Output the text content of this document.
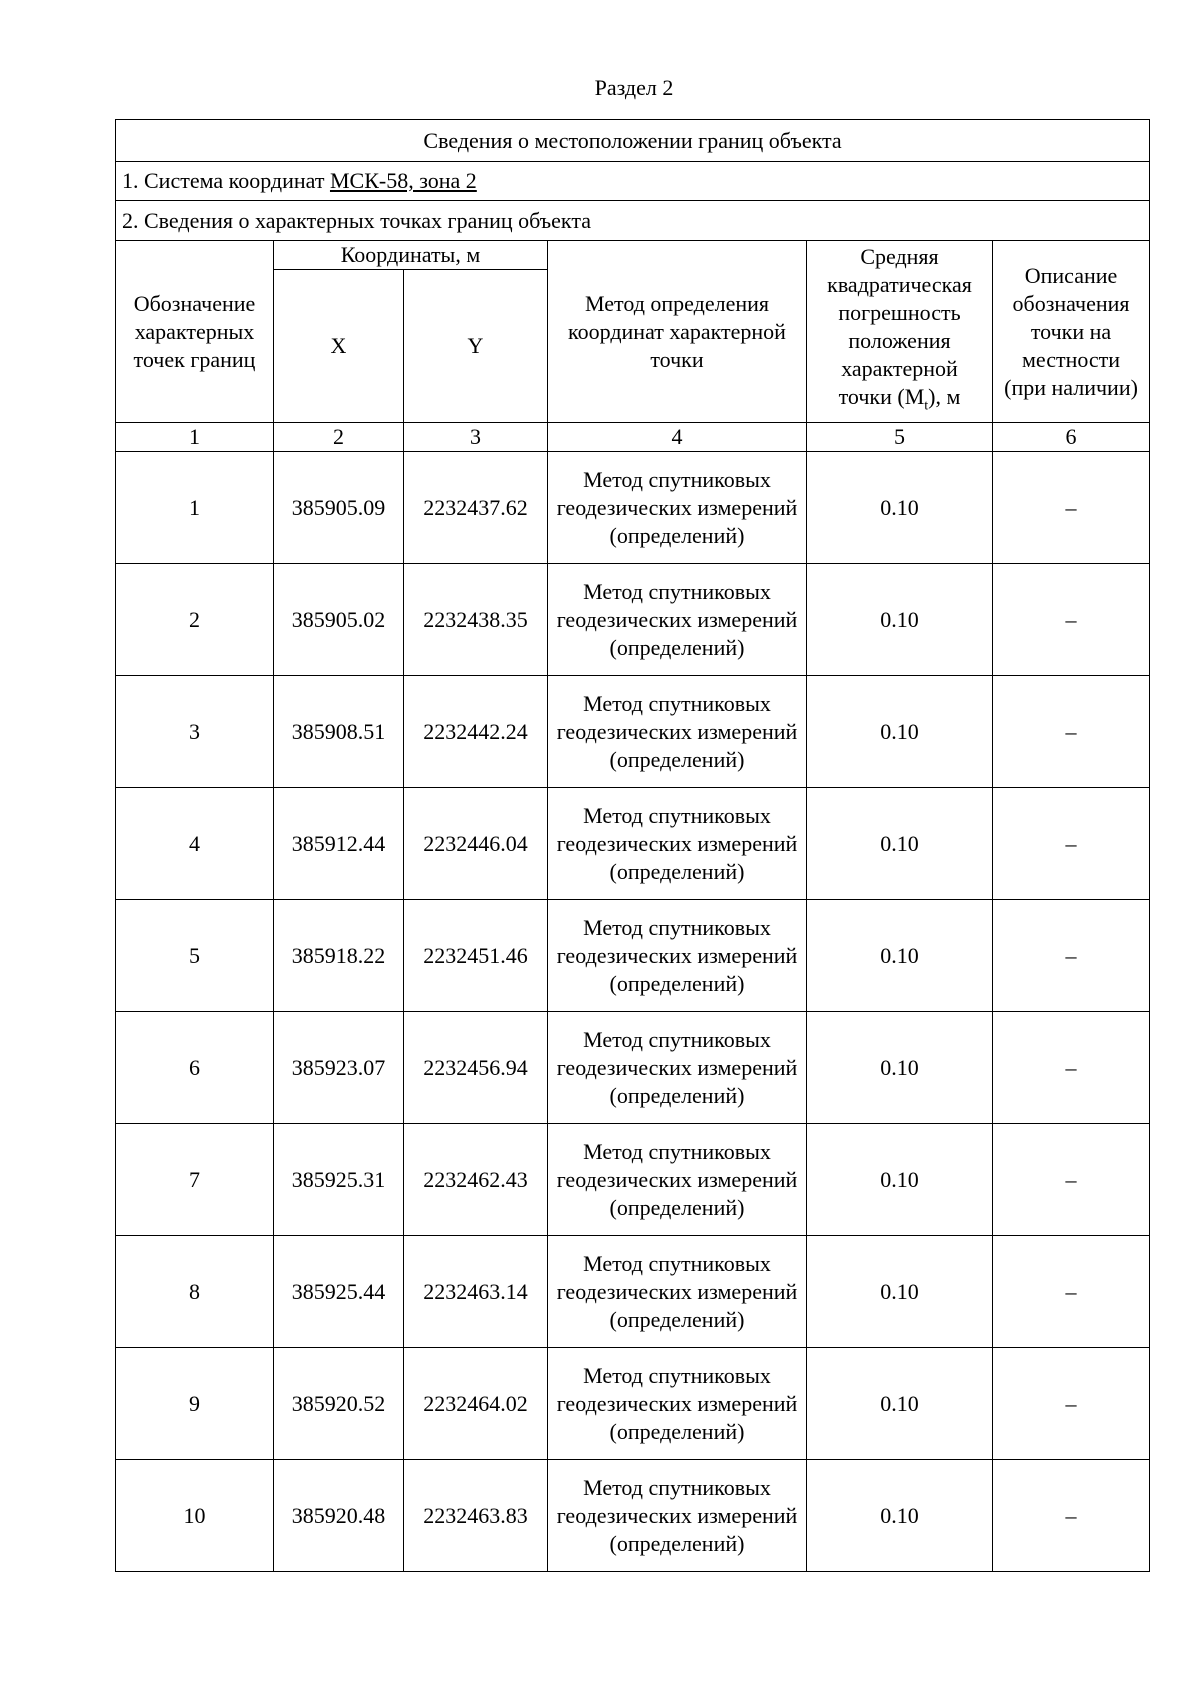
Раздел 2
Сведения о местоположении границ объекта					
1. Система координат МСК-58, зона 2					
2. Сведения о характерных точках границ объекта					
Обозначение характерных точек границ	Координаты, м		Метод определения координат характерной точки	Средняя квадратическая погрешность положения характерной точки $(M_t)$, м	Описание обозначения точки на местности (при наличии)
	X	Y			
1	2	3	4	5	6
1	385905.09	2232437.62	Метод спутниковых геодезических измерений (определений)	0.10	–
2	385905.02	2232438.35	Метод спутниковых геодезических измерений (определений)	0.10	–
3	385908.51	2232442.24	Метод спутниковых геодезических измерений (определений)	0.10	–
4	385912.44	2232446.04	Метод спутниковых геодезических измерений (определений)	0.10	–
5	385918.22	2232451.46	Метод спутниковых геодезических измерений (определений)	0.10	–
6	385923.07	2232456.94	Метод спутниковых геодезических измерений (определений)	0.10	–
7	385925.31	2232462.43	Метод спутниковых геодезических измерений (определений)	0.10	–
8	385925.44	2232463.14	Метод спутниковых геодезических измерений (определений)	0.10	–
9	385920.52	2232464.02	Метод спутниковых геодезических измерений (определений)	0.10	–
10	385920.48	2232463.83	Метод спутниковых геодезических измерений (определений)	0.10	–
